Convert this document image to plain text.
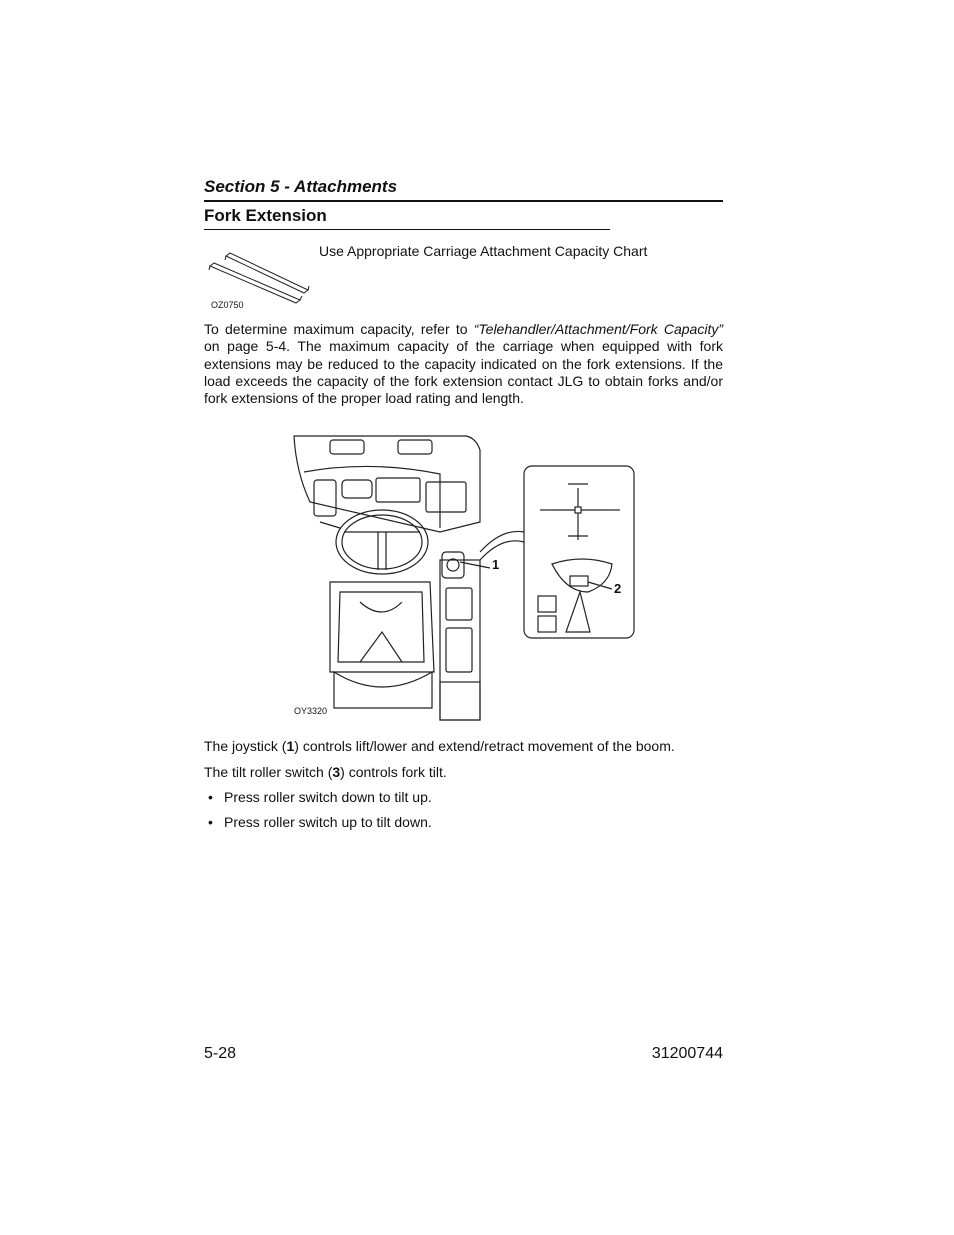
Section 5 - Attachments
Fork Extension
OZ0750
Use Appropriate Carriage Attachment Capacity Chart
To determine maximum capacity, refer to “Telehandler/Attachment/Fork Capacity” on page 5-4. The maximum capacity of the carriage when equipped with fork extensions may be reduced to the capacity indicated on the fork extensions. If the load exceeds the capacity of the fork extension contact JLG to obtain forks and/or fork extensions of the proper load rating and length.
1
2
OY3320
The joystick (1) controls lift/lower and extend/retract movement of the boom.
The tilt roller switch (3) controls fork tilt.
• Press roller switch down to tilt up.
• Press roller switch up to tilt down.
5-28	31200744
